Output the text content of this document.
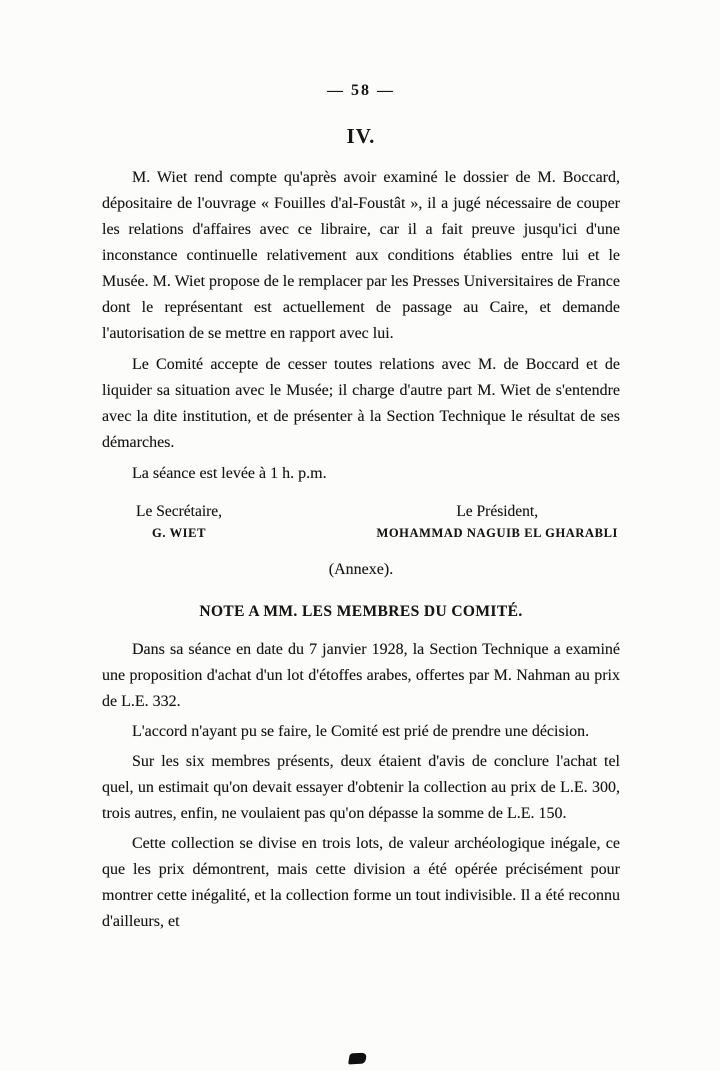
— 58 —
IV.

M. Wiet rend compte qu'après avoir examiné le dossier de M. Boccard, dépositaire de l'ouvrage « Fouilles d'al-Foustât », il a jugé nécessaire de couper les relations d'affaires avec ce libraire, car il a fait preuve jusqu'ici d'une inconstance continuelle relativement aux conditions établies entre lui et le Musée. M. Wiet propose de le remplacer par les Presses Universitaires de France dont le représentant est actuellement de passage au Caire, et demande l'autorisation de se mettre en rapport avec lui.

Le Comité accepte de cesser toutes relations avec M. de Boccard et de liquider sa situation avec le Musée; il charge d'autre part M. Wiet de s'entendre avec la dite institution, et de présenter à la Section Technique le résultat de ses démarches.

La séance est levée à 1 h. p.m.

Le Secrétaire,
G. WIET
Le Président,
MOHAMMAD NAGUIB EL GHARABLI
(Annexe).
NOTE A MM. LES MEMBRES DU COMITÉ.

Dans sa séance en date du 7 janvier 1928, la Section Technique a examiné une proposition d'achat d'un lot d'étoffes arabes, offertes par M. Nahman au prix de L.E. 332.

L'accord n'ayant pu se faire, le Comité est prié de prendre une décision.

Sur les six membres présents, deux étaient d'avis de conclure l'achat tel quel, un estimait qu'on devait essayer d'obtenir la collection au prix de L.E. 300, trois autres, enfin, ne voulaient pas qu'on dépasse la somme de L.E. 150.

Cette collection se divise en trois lots, de valeur archéologique inégale, ce que les prix démontrent, mais cette division a été opérée précisément pour montrer cette inégalité, et la collection forme un tout indivisible. Il a été reconnu d'ailleurs, et
